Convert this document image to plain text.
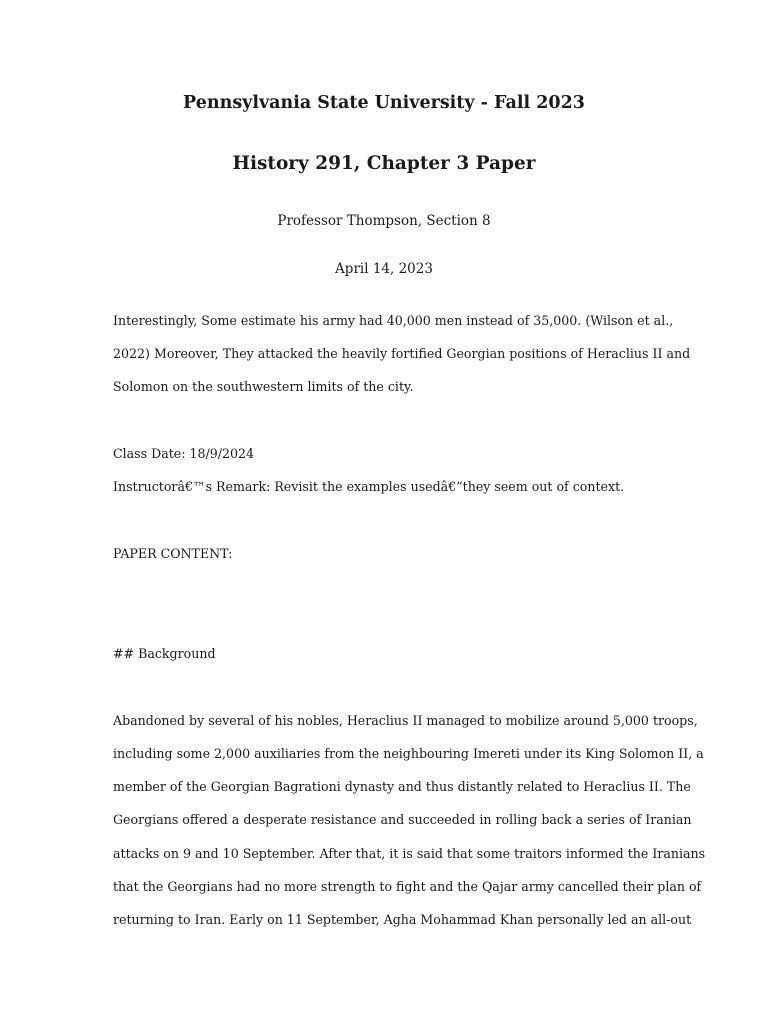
Pennsylvania State University - Fall 2023
History 291, Chapter 3 Paper
Professor Thompson, Section 8
April 14, 2023
Interestingly, Some estimate his army had 40,000 men instead of 35,000. (Wilson et al.,
2022) Moreover, They attacked the heavily fortified Georgian positions of Heraclius II and
Solomon on the southwestern limits of the city.
Class Date: 18/9/2024
Instructorâ€™s Remark: Revisit the examples usedâ€”they seem out of context.
PAPER CONTENT:
## Background
Abandoned by several of his nobles, Heraclius II managed to mobilize around 5,000 troops,
including some 2,000 auxiliaries from the neighbouring Imereti under its King Solomon II, a
member of the Georgian Bagrationi dynasty and thus distantly related to Heraclius II. The
Georgians offered a desperate resistance and succeeded in rolling back a series of Iranian
attacks on 9 and 10 September. After that, it is said that some traitors informed the Iranians
that the Georgians had no more strength to fight and the Qajar army cancelled their plan of
returning to Iran. Early on 11 September, Agha Mohammad Khan personally led an all-out
